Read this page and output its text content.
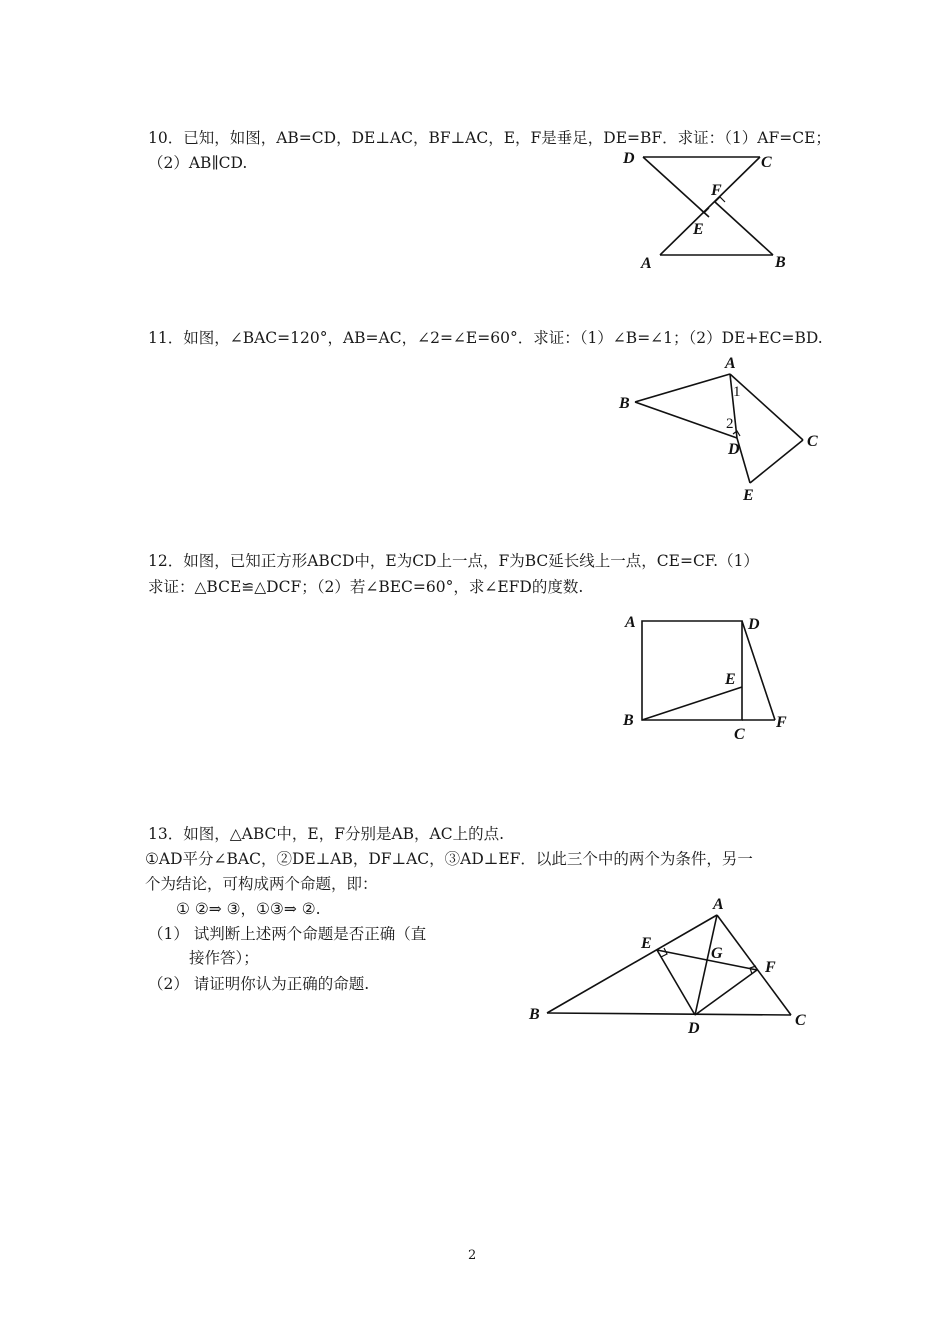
10．已知，如图，AB=CD，DE⊥AC，BF⊥AC，E，F是垂足，DE=BF．求证：（1）AF=CE；
（2）AB∥CD.	D	C
F
E
A	B
11．如图，∠BAC=120°，AB=AC，∠2=∠E=60°．求证：（1）∠B=∠1；（2）DE+EC=BD.
A
B
C
D
E
1
2
12．如图，已知正方形ABCD中，E为CD上一点，F为BC延长线上一点，CE=CF.（1）
求证：△BCE≌△DCF；（2）若∠BEC=60°，求∠EFD的度数.
A	D
E
B
C
F
13．如图，△ABC中，E，F分别是AB，AC上的点.
①AD平分∠BAC，②DE⊥AB，DF⊥AC，③AD⊥EF．以此三个中的两个为条件，另一
个为结论，可构成两个命题，即：
① ②⇒ ③，①③⇒ ②.
（1） 试判断上述两个命题是否正确（直
接作答）；
（2） 请证明你认为正确的命题.
A
E
G
F
B
D	C
2
